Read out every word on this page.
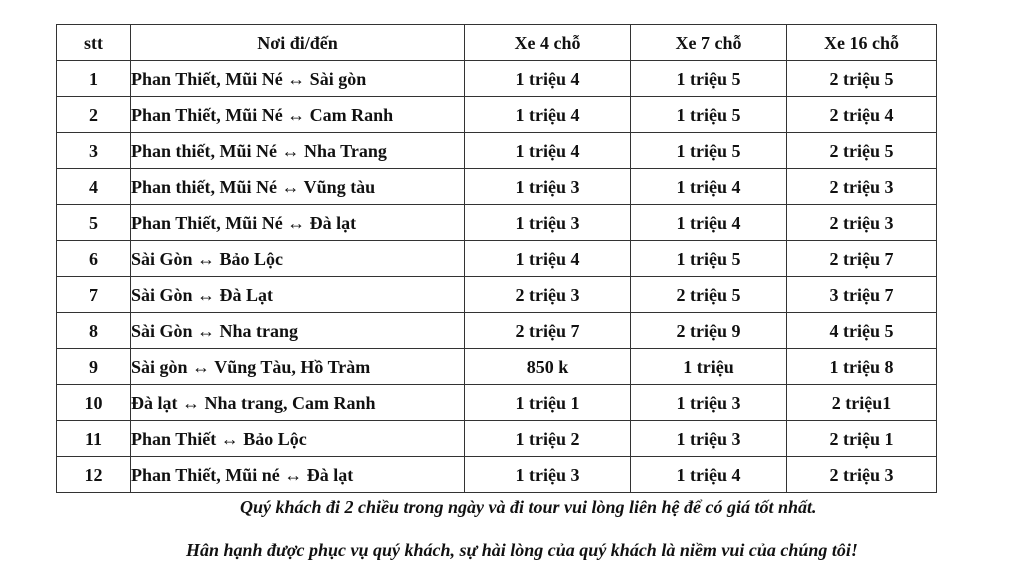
stt	Nơi đi/đến	Xe 4 chỗ	Xe 7 chỗ	Xe 16 chỗ
1	Phan Thiết, Mũi Né ↔ Sài gòn	1 triệu 4	1 triệu 5	2 triệu 5
2	Phan Thiết, Mũi Né ↔ Cam Ranh	1 triệu 4	1 triệu 5	2 triệu 4
3	Phan thiết, Mũi Né ↔ Nha Trang	1 triệu 4	1 triệu 5	2 triệu 5
4	Phan thiết, Mũi Né ↔ Vũng tàu	1 triệu 3	1 triệu 4	2 triệu 3
5	Phan Thiết, Mũi Né ↔ Đà lạt	1 triệu 3	1 triệu 4	2 triệu 3
6	Sài Gòn ↔ Bảo Lộc	1 triệu 4	1 triệu 5	2 triệu 7
7	Sài Gòn ↔ Đà Lạt	2 triệu 3	2 triệu 5	3 triệu 7
8	Sài Gòn ↔ Nha trang	2 triệu 7	2 triệu 9	4 triệu 5
9	Sài gòn ↔ Vũng Tàu, Hồ Tràm	850 k	1 triệu	1 triệu 8
10	Đà lạt ↔ Nha trang, Cam Ranh	1 triệu 1	1 triệu 3	2 triệu1
11	Phan Thiết ↔ Bảo Lộc	1 triệu 2	1 triệu 3	2 triệu 1
12	Phan Thiết, Mũi né ↔ Đà lạt	1 triệu 3	1 triệu 4	2 triệu 3
Quý khách đi 2 chiều trong ngày và đi tour vui lòng liên hệ để có giá tốt nhất.
Hân hạnh được phục vụ quý khách, sự hài lòng của quý khách là niềm vui của chúng tôi!
